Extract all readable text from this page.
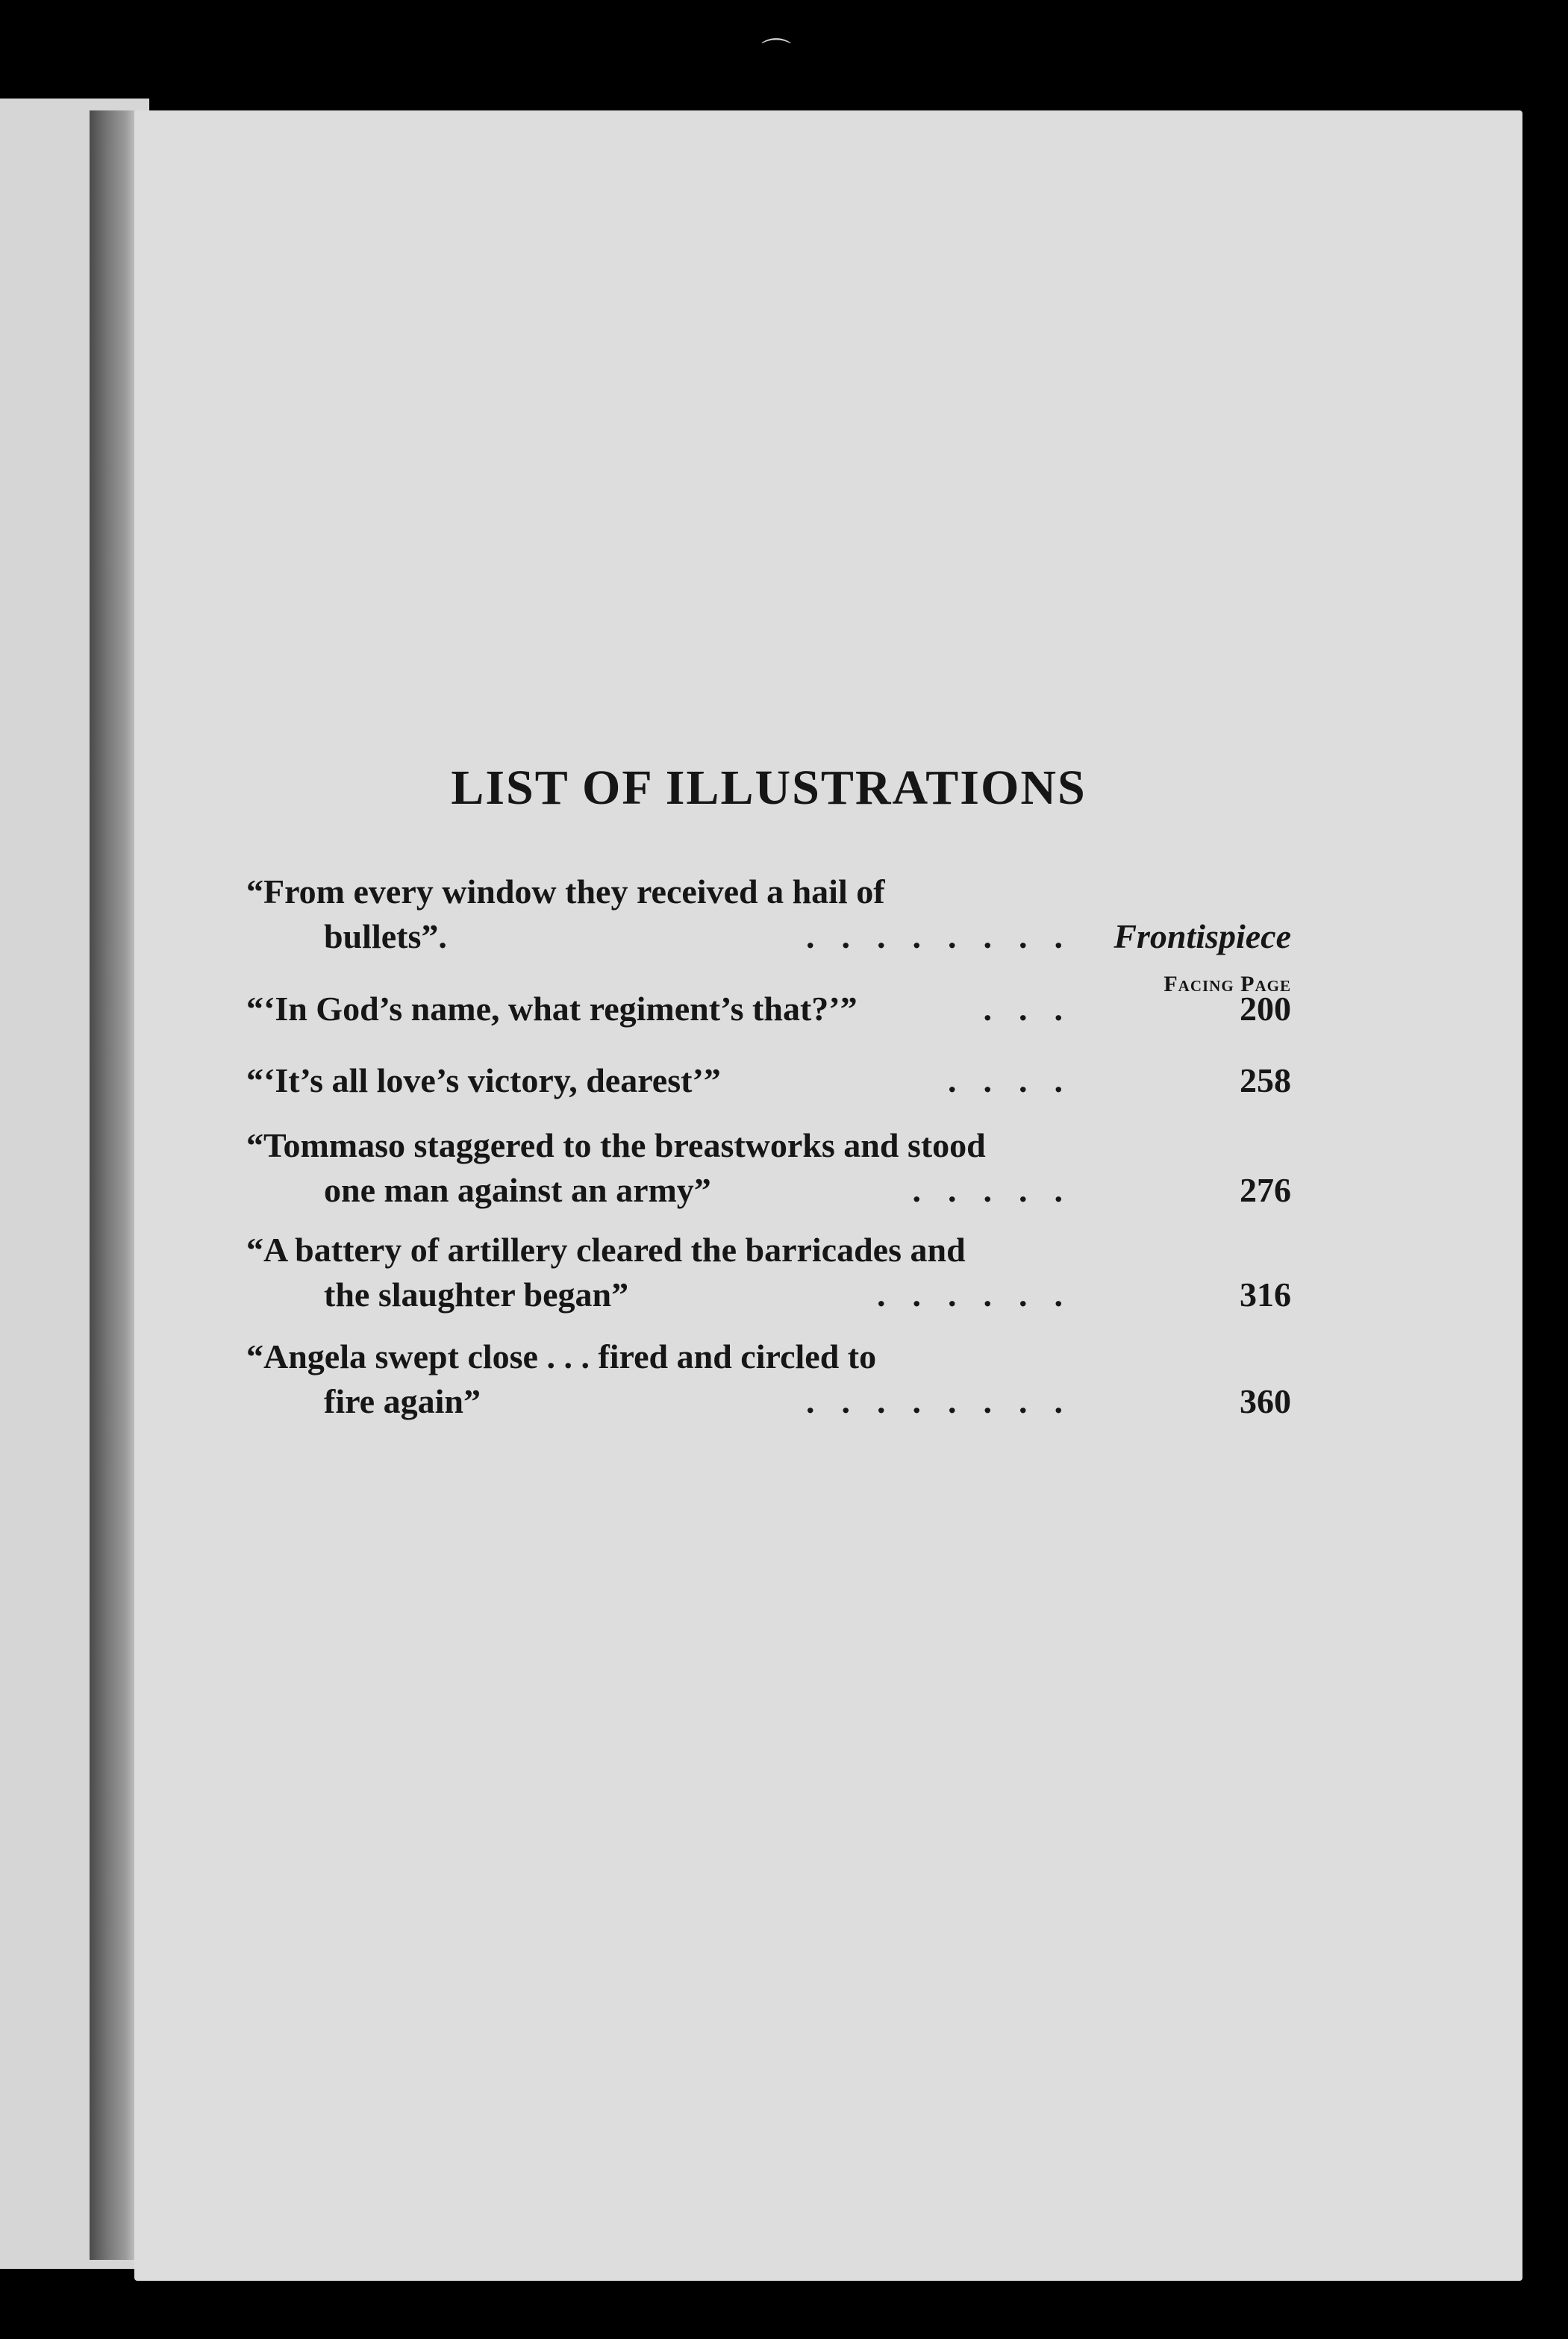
LIST OF ILLUSTRATIONS
“From every window they received a hail of
bullets”.	........ Frontispiece
Facing Page
“‘In God’s name, what regiment’s that?’”	...	200
“‘It’s all love’s victory, dearest’”	....	258
“Tommaso staggered to the breastworks and stood
one man against an army”	.....	276
“A battery of artillery cleared the barricades and
the slaughter began”	......	316
“Angela swept close . . . fired and circled to
fire again”	........	360
⌒
